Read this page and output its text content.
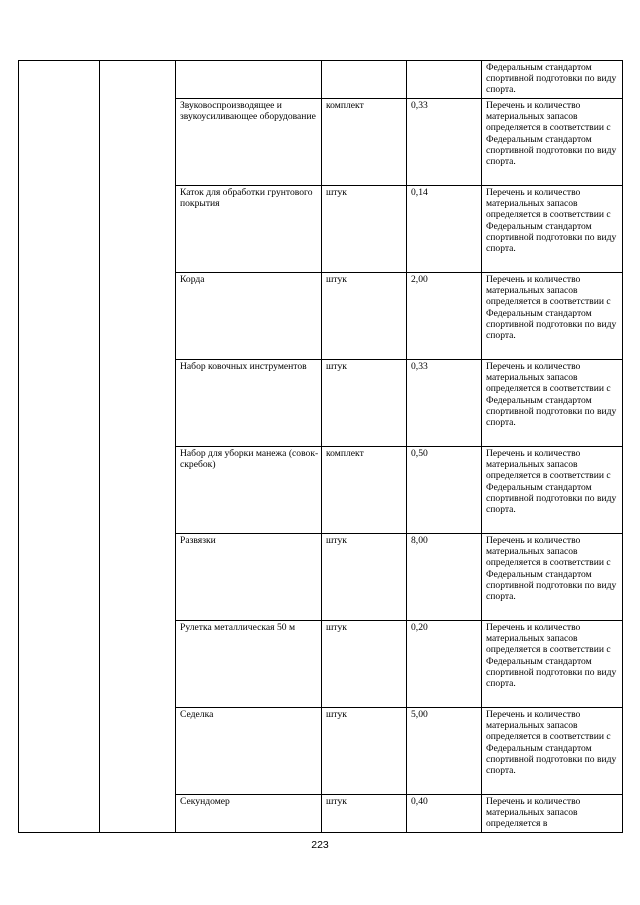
					Федеральным стандартом спортивной подготовки по виду спорта.
		Звуковоспроизводящее и звукоусиливающее оборудование	комплект	0,33	Перечень и количество материальных запасов определяется в соответствии с Федеральным стандартом спортивной подготовки по виду спорта.
		Каток для обработки грунтового покрытия	штук	0,14	Перечень и количество материальных запасов определяется в соответствии с Федеральным стандартом спортивной подготовки по виду спорта.
		Корда	штук	2,00	Перечень и количество материальных запасов определяется в соответствии с Федеральным стандартом спортивной подготовки по виду спорта.
		Набор ковочных инструментов	штук	0,33	Перечень и количество материальных запасов определяется в соответствии с Федеральным стандартом спортивной подготовки по виду спорта.
		Набор для уборки манежа (совок-скребок)	комплект	0,50	Перечень и количество материальных запасов определяется в соответствии с Федеральным стандартом спортивной подготовки по виду спорта.
		Развязки	штук	8,00	Перечень и количество материальных запасов определяется в соответствии с Федеральным стандартом спортивной подготовки по виду спорта.
		Рулетка металлическая 50 м	штук	0,20	Перечень и количество материальных запасов определяется в соответствии с Федеральным стандартом спортивной подготовки по виду спорта.
		Седелка	штук	5,00	Перечень и количество материальных запасов определяется в соответствии с Федеральным стандартом спортивной подготовки по виду спорта.
		Секундомер	штук	0,40	Перечень и количество материальных запасов определяется в
223
